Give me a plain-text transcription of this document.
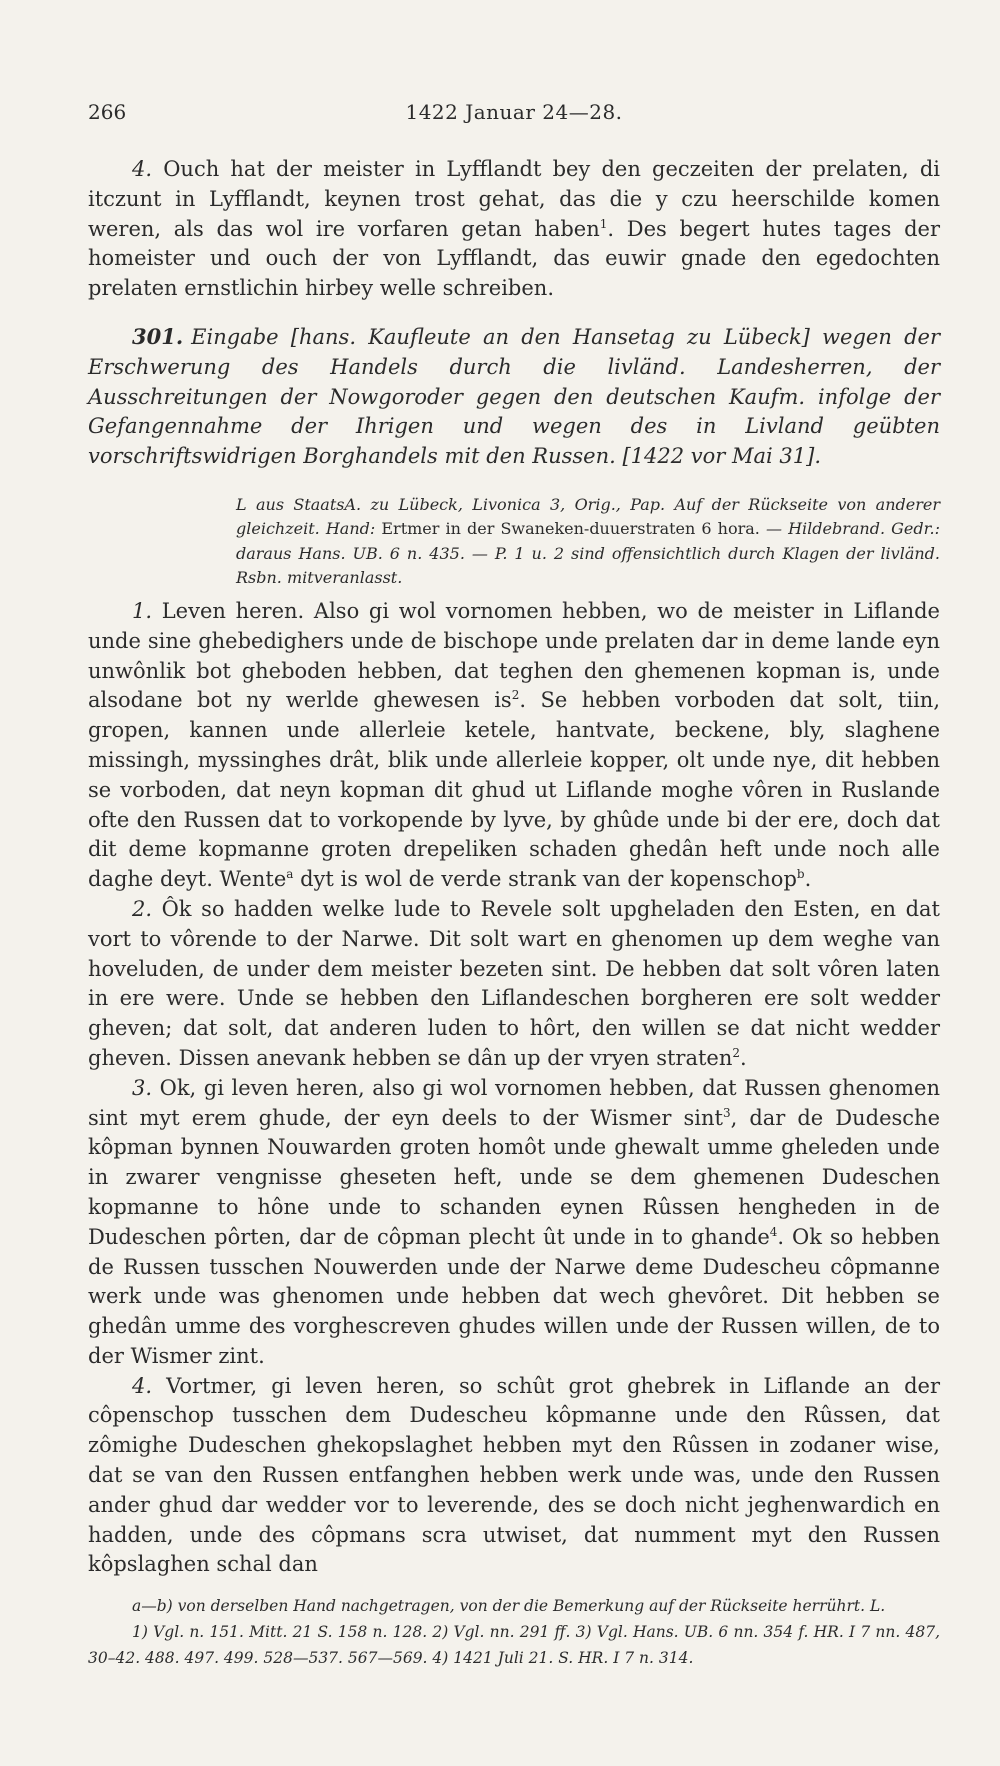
266	1422 Januar 24—28.

4. Ouch hat der meister in Lyfflandt bey den geczeiten der prelaten, di itczunt in Lyfflandt, keynen trost gehat, das die y czu heerschilde komen weren, als das wol ire vorfaren getan haben$^1$. Des begert hutes tages der homeister und ouch der von Lyfflandt, das euwir gnade den egedochten prelaten ernstlichin hirbey welle schreiben.

301. Eingabe [hans. Kaufleute an den Hansetag zu Lübeck] wegen der Erschwerung des Handels durch die livländ. Landesherren, der Ausschreitungen der Nowgoroder gegen den deutschen Kaufm. infolge der Gefangennahme der Ihrigen und wegen des in Livland geübten vorschriftswidrigen Borghandels mit den Russen. [1422 vor Mai 31].

L aus StaatsA. zu Lübeck, Livonica 3, Orig., Pap. Auf der Rückseite von anderer gleichzeit. Hand: Ertmer in der Swaneken-duuerstraten 6 hora. — Hildebrand. Gedr.: daraus Hans. UB. 6 n. 435. — P. 1 u. 2 sind offensichtlich durch Klagen der livländ. Rsbn. mitveranlasst.

1. Leven heren. Also gi wol vornomen hebben, wo de meister in Liflande unde sine ghebedighers unde de bischope unde prelaten dar in deme lande eyn unwônlik bot gheboden hebben, dat teghen den ghemenen kopman is, unde alsodane bot ny werlde ghewesen $is^2$. Se hebben vorboden dat solt, tiin, gropen, kannen unde allerleie ketele, hantvate, beckene, bly, slaghene missingh, myssinghes drât, blik unde allerleie kopper, olt unde nye, dit hebben se vorboden, dat neyn kopman dit ghud ut Liflande moghe vôren in Ruslande ofte den Russen dat to vorkopende by lyve, by ghûde unde bi der ere, doch dat dit deme kopmanne groten drepeliken schaden ghedân heft unde noch alle daghe deyt. Wente$^a$ dyt is wol de verde strank van der kopenschop$^b$.

2. Ôk so hadden welke lude to Revele solt upgheladen den Esten, en dat vort to vôrende to der Narwe. Dit solt wart en ghenomen up dem weghe van hoveluden, de under dem meister bezeten sint. De hebben dat solt vôren laten in ere were. Unde se hebben den Liflandeschen borgheren ere solt wedder gheven; dat solt, dat anderen luden to hôrt, den willen se dat nicht wedder gheven. Dissen anevank hebben se dân up der vryen straten$^2$.

3. Ok, gi leven heren, also gi wol vornomen hebben, dat Russen ghenomen sint myt erem ghude, der eyn deels to der Wismer sint$^3$, dar de Dudesche kôpman bynnen Nouwarden groten homôt unde ghewalt umme gheleden unde in zwarer vengnisse gheseten heft, unde se dem ghemenen Dudeschen kopmanne to hône unde to schanden eynen Rûssen hengheden in de Dudeschen pôrten, dar de côpman plecht ût unde in to ghande$^4$. Ok so hebben de Russen tusschen Nouwerden unde der Narwe deme Dudescheu côpmanne werk unde was ghenomen unde hebben dat wech ghevôret. Dit hebben se ghedân umme des vorghescreven ghudes willen unde der Russen willen, de to der Wismer zint.

4. Vortmer, gi leven heren, so schût grot ghebrek in Liflande an der côpenschop tusschen dem Dudescheu kôpmanne unde den Rûssen, dat zômighe Dudeschen ghekopslaghet hebben myt den Rûssen in zodaner wise, dat se van den Russen entfanghen hebben werk unde was, unde den Russen ander ghud dar wedder vor to leverende, des se doch nicht jeghenwardich en hadden, unde des côpmans scra utwiset, dat numment myt den Russen kôpslaghen schal dan

a—b) von derselben Hand nachgetragen, von der die Bemerkung auf der Rückseite herrührt. L.
1) Vgl. n. 151. Mitt. 21 S. 158 n. 128. 2) Vgl. nn. 291 ff. 3) Vgl. Hans. UB. 6 nn. 354 f. HR. I 7 nn. 487, 30–42. 488. 497. 499. 528—537. 567—569. 4) 1421 Juli 21. S. HR. I 7 n. 314.
